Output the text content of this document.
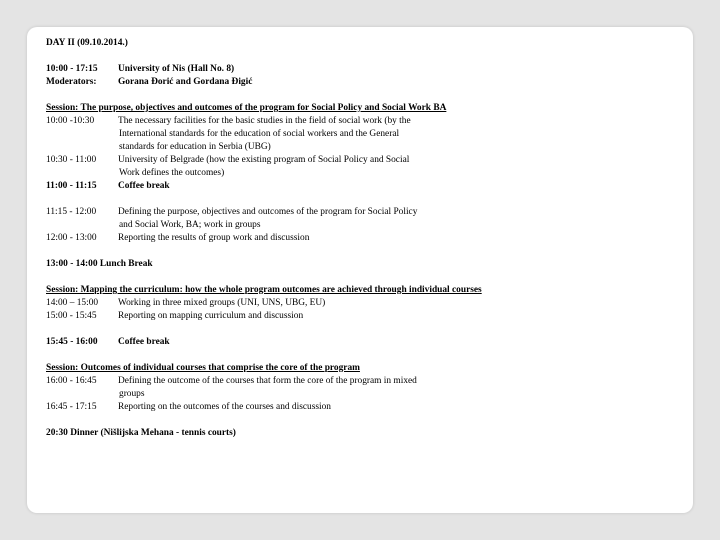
DAY II (09.10.2014.)
10:00 - 17:15	University of Nis (Hall No. 8)
Moderators:	Gorana Đorić and Gordana Đigić
Session: The purpose, objectives and outcomes of the program for Social Policy and Social Work BA
10:00 -10:30	The necessary facilities for the basic studies in the field of social work (by the
International standards for the education of social workers and the General
standards for education in Serbia (UBG)
10:30 - 11:00	University of Belgrade (how the existing program of Social Policy and Social
Work defines the outcomes)
11:00 - 11:15	Coffee break
11:15 - 12:00	Defining the purpose, objectives and outcomes of the program for Social Policy
and Social Work, BA; work in groups
12:00 - 13:00	Reporting the results of group work and discussion
13:00 - 14:00 Lunch Break
Session: Mapping the curriculum: how the whole program outcomes are achieved through individual courses
14:00 – 15:00	Working in three mixed groups (UNI, UNS, UBG, EU)
15:00 - 15:45	Reporting on mapping curriculum and discussion
15:45 - 16:00	Coffee break
Session: Outcomes of individual courses that comprise the core of the program
16:00 - 16:45	Defining the outcome of the courses that form the core of the program in mixed
groups
16:45 - 17:15	Reporting on the outcomes of the courses and discussion
20:30 Dinner (Nišlijska Mehana - tennis courts)
